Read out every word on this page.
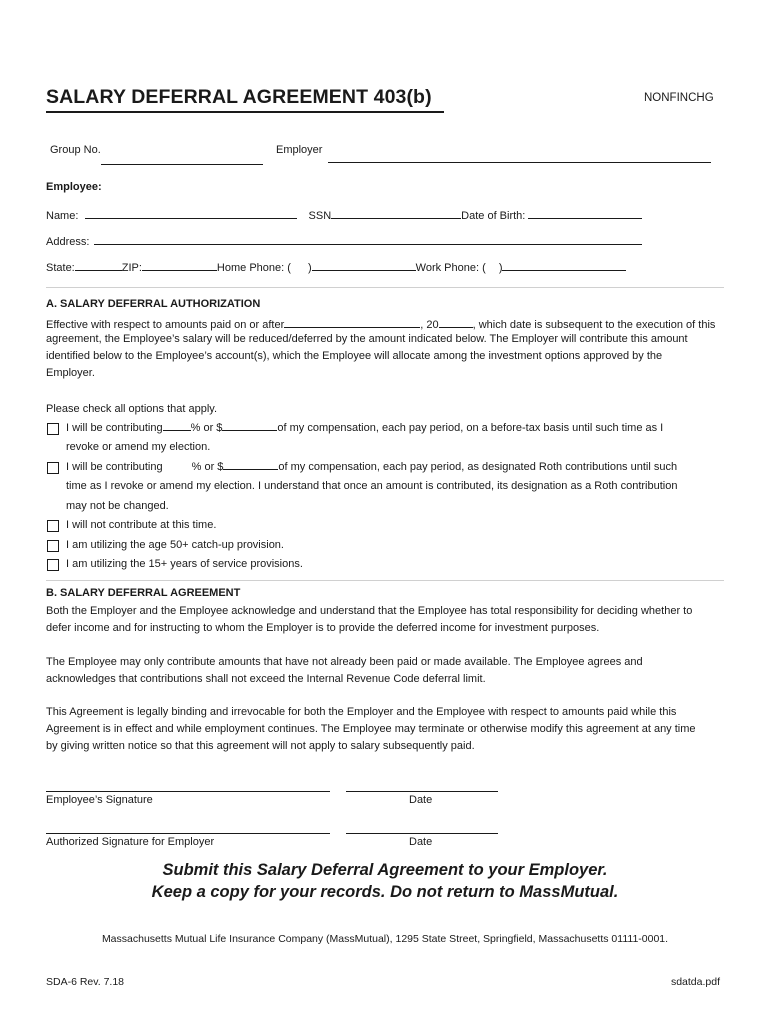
SALARY DEFERRAL AGREEMENT 403(b)	NONFINCHG
Group No.	Employer
Employee:
Name:	SSN	Date of Birth:
Address:
State:	ZIP:	Home Phone: ( )	Work Phone: ( )
A. SALARY DEFERRAL AUTHORIZATION
Effective with respect to amounts paid on or after	, 20	, which date is subsequent to the execution of this
agreement, the Employee’s salary will be reduced/deferred by the amount indicated below. The Employer will contribute this amount
identified below to the Employee’s account(s), which the Employee will allocate among the investment options approved by the
Employer.
Please check all options that apply.
I will be contributing	% or $	of my compensation, each pay period, on a before-tax basis until such time as I
revoke or amend my election.
I will be contributing	% or $	of my compensation, each pay period, as designated Roth contributions until such
time as I revoke or amend my election. I understand that once an amount is contributed, its designation as a Roth contribution
may not be changed.
I will not contribute at this time.
I am utilizing the age 50+ catch-up provision.
I am utilizing the 15+ years of service provisions.
B. SALARY DEFERRAL AGREEMENT
Both the Employer and the Employee acknowledge and understand that the Employee has total responsibility for deciding whether to
defer income and for instructing to whom the Employer is to provide the deferred income for investment purposes.
The Employee may only contribute amounts that have not already been paid or made available. The Employee agrees and
acknowledges that contributions shall not exceed the Internal Revenue Code deferral limit.
This Agreement is legally binding and irrevocable for both the Employer and the Employee with respect to amounts paid while this
Agreement is in effect and while employment continues. The Employee may terminate or otherwise modify this agreement at any time
by giving written notice so that this agreement will not apply to salary subsequently paid.
Employee’s Signature	Date
Authorized Signature for Employer	Date
Submit this Salary Deferral Agreement to your Employer.
Keep a copy for your records. Do not return to MassMutual.
Massachusetts Mutual Life Insurance Company (MassMutual), 1295 State Street, Springfield, Massachusetts 01111-0001.
SDA-6 Rev. 7.18	sdatda.pdf
